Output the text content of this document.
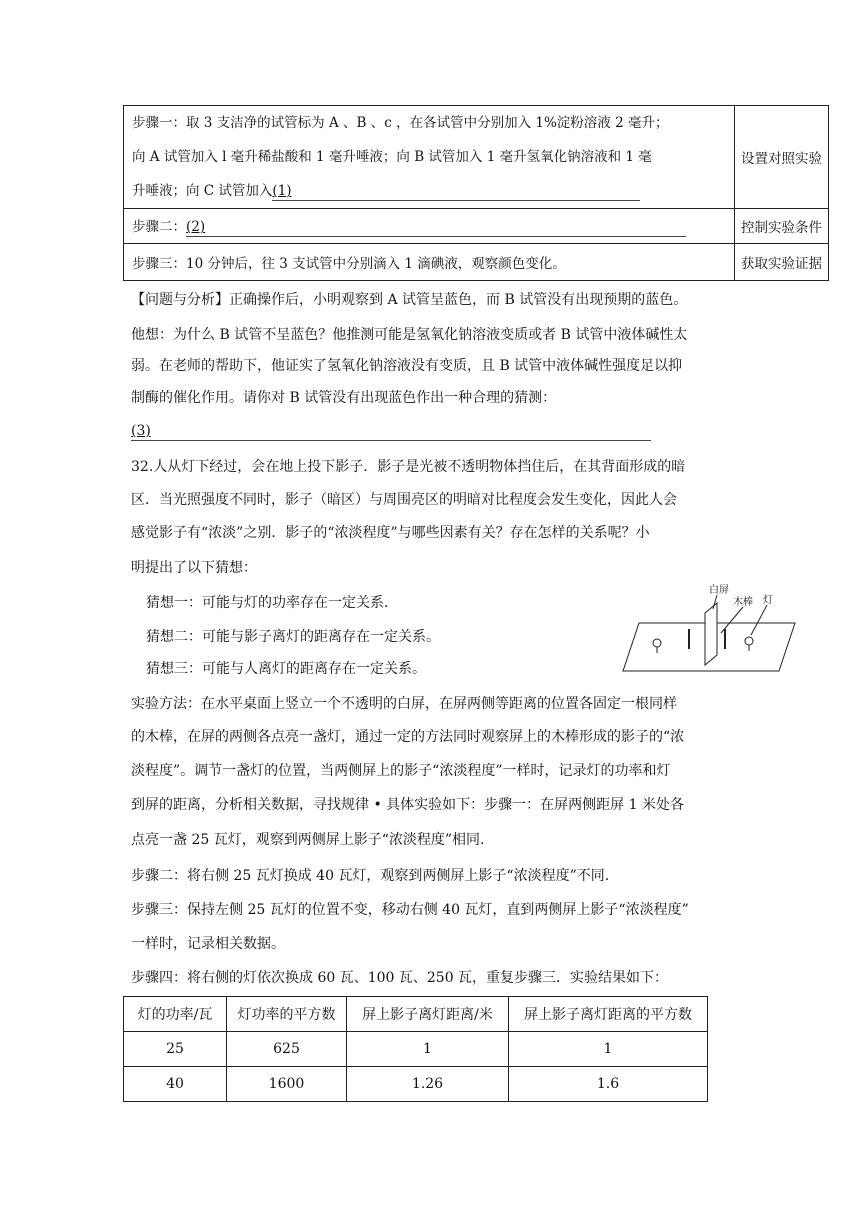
步骤一：取 3 支洁净的试管标为 A 、B 、c ，在各试管中分别加入 1%淀粉溶液 2 毫升；
向 A 试管加入 l 毫升稀盐酸和 1 毫升唾液；向 B 试管加入 1 毫升氢氧化钠溶液和 1 毫
升唾液；向 C 试管加入(1)	设置对照实验
步骤二：(2)	控制实验条件
步骤三：10 分钟后，往 3 支试管中分别滴入 1 滴碘液，观察颜色变化。	获取实验证据
【问题与分析】正确操作后，小明观察到 A 试管呈蓝色，而 B 试管没有出现预期的蓝色。
他想：为什么 B 试管不呈蓝色？他推测可能是氢氧化钠溶液变质或者 B 试管中液体碱性太
弱。在老师的帮助下，他证实了氢氧化钠溶液没有变质，且 B 试管中液体碱性强度足以抑
制酶的催化作用。请你对 B 试管没有出现蓝色作出一种合理的猜测：
(3)
32.人从灯下经过，会在地上投下影子．影子是光被不透明物体挡住后，在其背面形成的暗
区．当光照强度不同时，影子（暗区）与周围亮区的明暗对比程度会发生变化，因此人会
感觉影子有“浓淡”之别．影子的“浓淡程度”与哪些因素有关？存在怎样的关系呢？小
明提出了以下猜想：
猜想一：可能与灯的功率存在一定关系．
猜想二：可能与影子离灯的距离存在一定关系。
猜想三：可能与人离灯的距离存在一定关系。
白屏
木棒 灯
实验方法：在水平桌面上竖立一个不透明的白屏，在屏两侧等距离的位置各固定一根同样
的木棒，在屏的两侧各点亮一盏灯，通过一定的方法同时观察屏上的木棒形成的影子的“浓
淡程度”。调节一盏灯的位置，当两侧屏上的影子“浓淡程度”一样时，记录灯的功率和灯
到屏的距离，分析相关数据，寻找规律 • 具体实验如下：步骤一：在屏两侧距屏 1 米处各
点亮一盏 25 瓦灯，观察到两侧屏上影子“浓淡程度”相同.
步骤二：将右侧 25 瓦灯换成 40 瓦灯，观察到两侧屏上影子“浓淡程度”不同.
步骤三：保持左侧 25 瓦灯的位置不变，移动右侧 40 瓦灯，直到两侧屏上影子“浓淡程度”
一样时，记录相关数据。
步骤四：将右侧的灯依次换成 60 瓦、100 瓦、250 瓦，重复步骤三．实验结果如下：
灯的功率/瓦	灯功率的平方数	屏上影子离灯距离/米	屏上影子离灯距离的平方数
25	625	1	1
40	1600	1.26	1.6
